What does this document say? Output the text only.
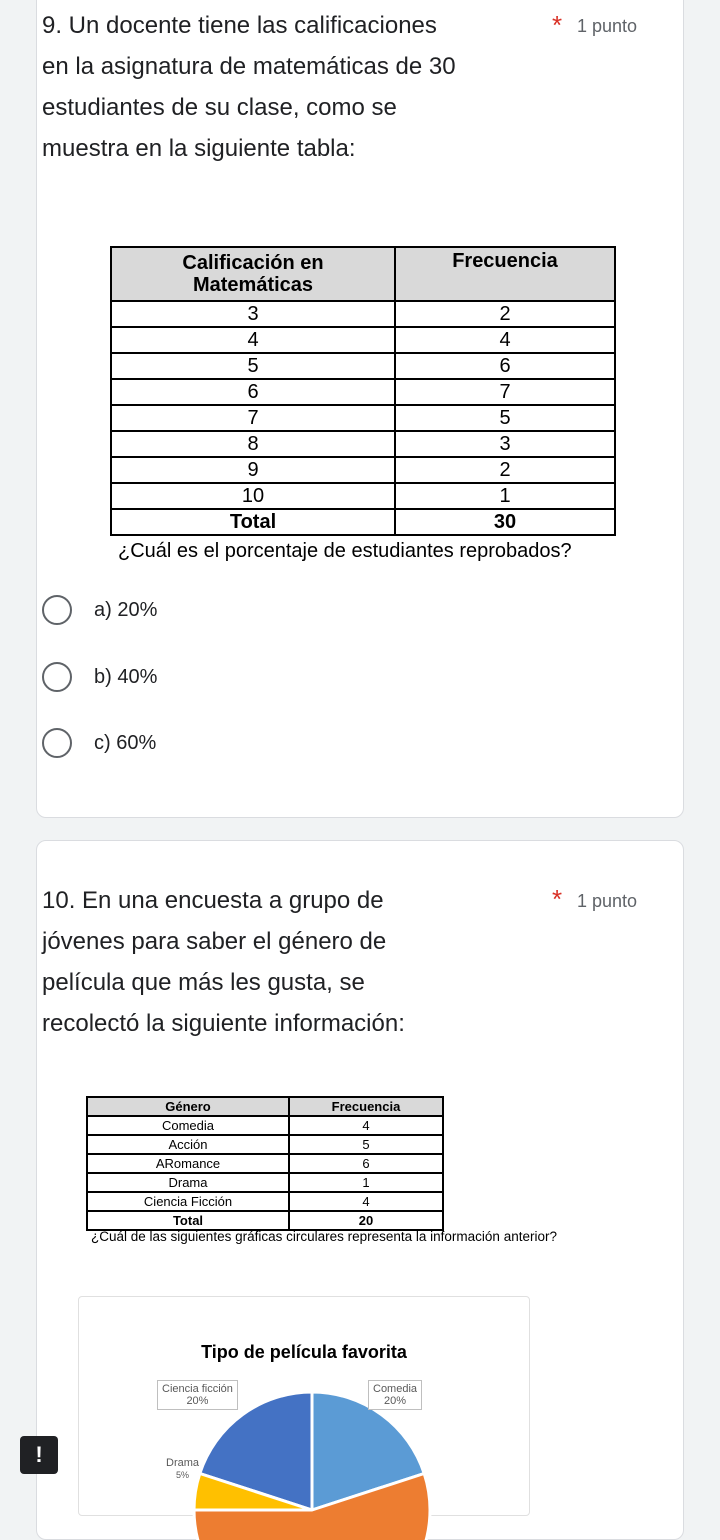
9. Un docente tiene las calificaciones
en la asignatura de matemáticas de 30
estudiantes de su clase, como se
muestra en la siguiente tabla:
* 1 punto
Calificación en
Matemáticas	Frecuencia
3	2
4	4
5	6
6	7
7	5
8	3
9	2
10	1
Total	30
¿Cuál es el porcentaje de estudiantes reprobados?
a) 20%
b) 40%
c) 60%
10. En una encuesta a grupo de
jóvenes para saber el género de
película que más les gusta, se
recolectó la siguiente información:
* 1 punto
Género	Frecuencia
Comedia	4
Acción	5
ARomance	6
Drama	1
Ciencia Ficción	4
Total	20
¿Cuál de las siguientes gráficas circulares representa la información anterior?
Tipo de película favorita
Ciencia ficción
20%
Comedia
20%
Drama
5%
!
